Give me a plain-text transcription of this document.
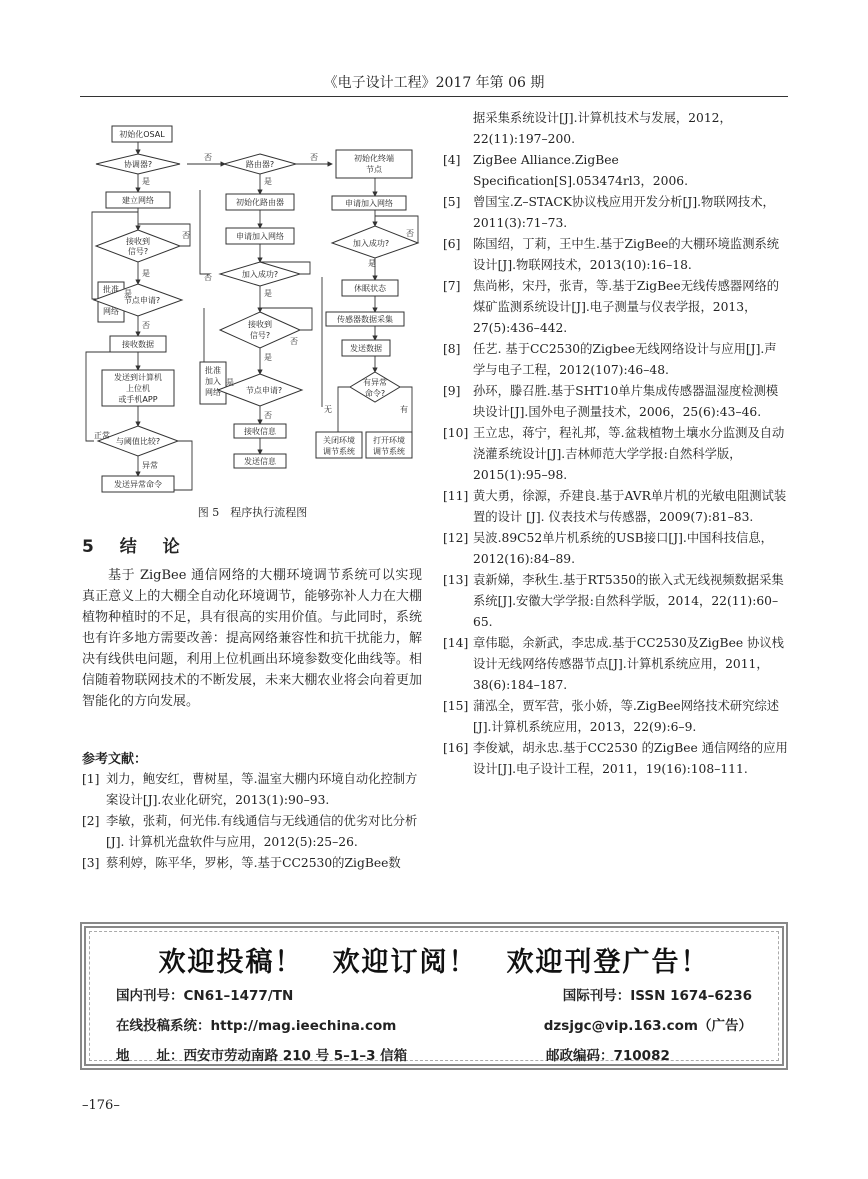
《电子设计工程》2017 年第 06 期
初始化OSAL
协调器?
建立网络
接收到
信号?
批准
网络
节点申请?
接收数据
发送到计算机
上位机
或手机APP
与阈值比较?
发送异常命令
路由器?
初始化路由器
申请加入网络
加入成功?
接收到
信号?
批准
加入
网络	节点申请?
接收信息
发送信息
初始化终端
节点
申请加入网络
加入成功?
休眠状态
传感器数据采集
发送数据
有异常
命令?
关闭环境
调节系统
打开环境
调节系统
是
否	否
是
否
是
是
否
正常
异常
是
否
否
是
是
否
否
是
无	有
图 5　程序执行流程图
5 结 论
基于 ZigBee 通信网络的大棚环境调节系统可以实现真正意义上的大棚全自动化环境调节，能够弥补人力在大棚植物种植时的不足，具有很高的实用价值。与此同时，系统也有许多地方需要改善：提高网络兼容性和抗干扰能力，解决有线供电问题，利用上位机画出环境参数变化曲线等。相信随着物联网技术的不断发展，未来大棚农业将会向着更加智能化的方向发展。
参考文献：
[1] 刘力，鲍安红，曹树星，等.温室大棚内环境自动化控制方案设计[J].农业化研究，2013(1):90–93.
[2] 李敏，张莉，何光伟.有线通信与无线通信的优劣对比分析 [J]. 计算机光盘软件与应用，2012(5):25–26.
[3] 蔡利婷，陈平华，罗彬，等.基于CC2530的ZigBee数
据采集系统设计[J].计算机技术与发展，2012，22(11):197–200.
[4]	ZigBee Alliance.ZigBee Specification[S].053474rl3，2006.
[5]	曾国宝.Z–STACK协议栈应用开发分析[J].物联网技术，2011(3):71–73.
[6]	陈国绍，丁莉，王中生.基于ZigBee的大棚环境监测系统设计[J].物联网技术，2013(10):16–18.
[7]	焦尚彬，宋丹，张青，等.基于ZigBee无线传感器网络的煤矿监测系统设计[J].电子测量与仪表学报，2013，27(5):436–442.
[8]	任艺. 基于CC2530的Zigbee无线网络设计与应用[J].声学与电子工程，2012(107):46–48.
[9]	孙环，滕召胜.基于SHT10单片集成传感器温湿度检测模块设计[J].国外电子测量技术，2006，25(6):43–46.
[10] 王立忠，蒋宁，程礼邦，等.盆栽植物土壤水分监测及自动浇灌系统设计[J].吉林师范大学学报:自然科学版，2015(1):95–98.
[11] 黄大勇，徐源，乔建良.基于AVR单片机的光敏电阻测试装置的设计 [J]. 仪表技术与传感器，2009(7):81–83.
[12] 吴波.89C52单片机系统的USB接口[J].中国科技信息，2012(16):84–89.
[13] 袁新娣，李秋生.基于RT5350的嵌入式无线视频数据采集系统[J].安徽大学学报:自然科学版，2014，22(11):60–65.
[14] 章伟聪，余新武，李忠成.基于CC2530及ZigBee 协议栈设计无线网络传感器节点[J].计算机系统应用，2011，38(6):184–187.
[15] 蒲泓全，贾军营，张小娇，等.ZigBee网络技术研究综述[J].计算机系统应用，2013，22(9):6–9.
[16] 李俊斌，胡永忠.基于CC2530 的ZigBee 通信网络的应用设计[J].电子设计工程，2011，19(16):108–111.
欢迎投稿！　欢迎订阅！　欢迎刊登广告！
国内刊号：CN61–1477/TN	国际刊号：ISSN 1674–6236
在线投稿系统：http://mag.ieechina.com	dzsjgc@vip.163.com（广告）
地　　址：西安市劳动南路 210 号 5–1–3 信箱	邮政编码：710082
–176–
